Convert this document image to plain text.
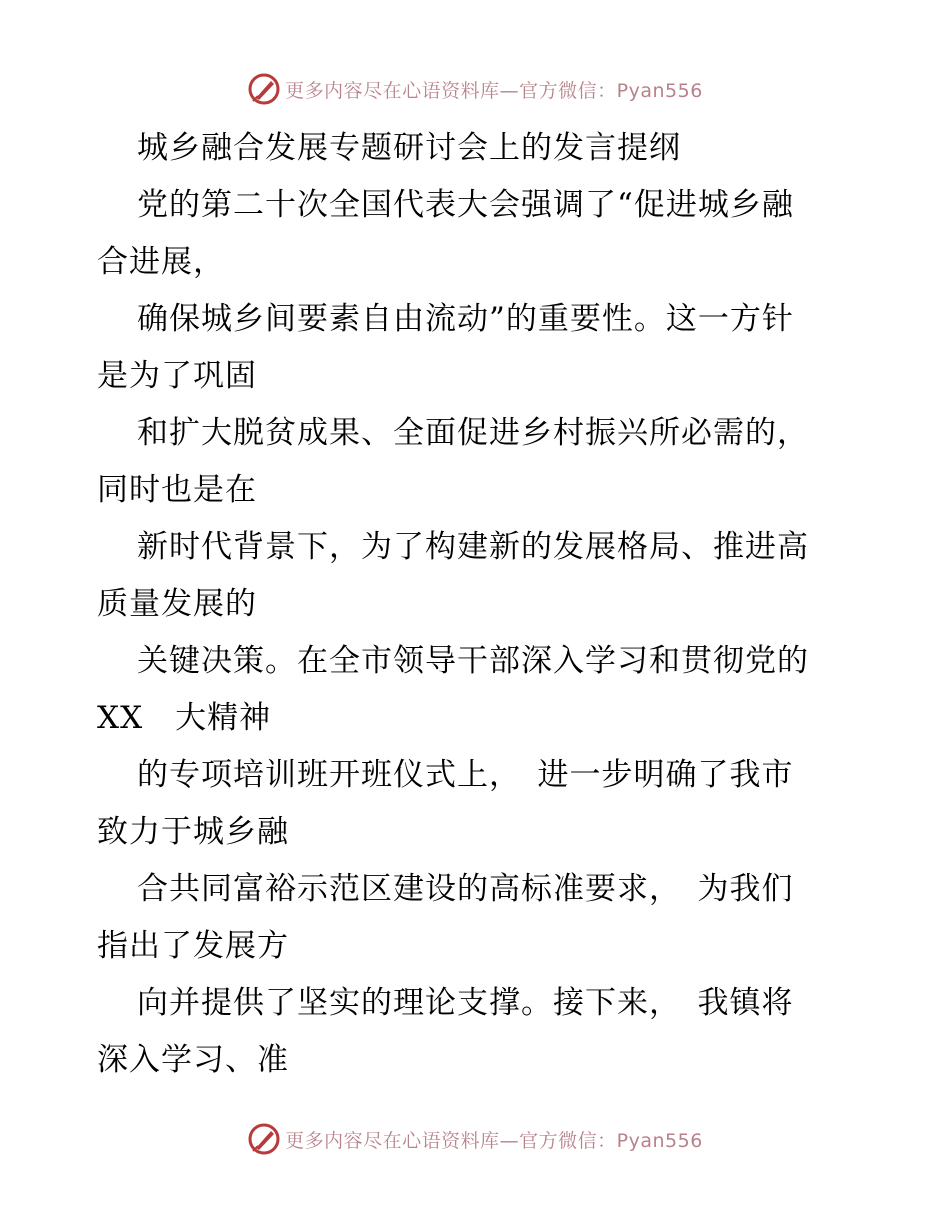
更多内容尽在心语资料库—官方微信：Pyan556
城乡融合发展专题研讨会上的发言提纲
党的第二十次全国代表大会强调了“促进城乡融
合进展，
确保城乡间要素自由流动”的重要性。这一方针
是为了巩固
和扩大脱贫成果、全面促进乡村振兴所必需的，
同时也是在
新时代背景下，为了构建新的发展格局、推进高
质量发展的
关键决策。在全市领导干部深入学习和贯彻党的
XX　大精神
的专项培训班开班仪式上，　进一步明确了我市
致力于城乡融
合共同富裕示范区建设的高标准要求，　为我们
指出了发展方
向并提供了坚实的理论支撑。接下来，　我镇将
深入学习、准
更多内容尽在心语资料库—官方微信：Pyan556
